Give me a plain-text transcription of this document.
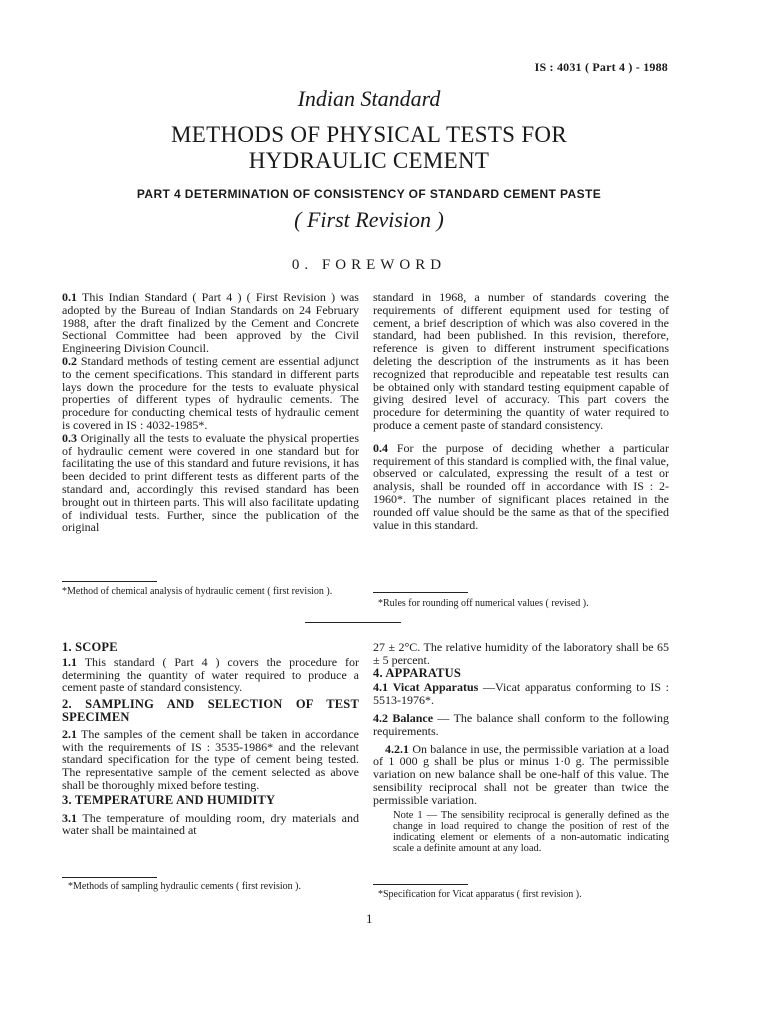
IS : 4031 ( Part 4 ) - 1988
Indian Standard
METHODS OF PHYSICAL TESTS FOR
HYDRAULIC CEMENT
PART 4 DETERMINATION OF CONSISTENCY OF STANDARD CEMENT PASTE
( First Revision )
0. FOREWORD

0.1 This Indian Standard ( Part 4 ) ( First Revision ) was adopted by the Bureau of Indian Standards on 24 February 1988, after the draft finalized by the Cement and Concrete Sectional Committee had been approved by the Civil Engineering Division Council.

0.2 Standard methods of testing cement are essential adjunct to the cement specifications. This standard in different parts lays down the procedure for the tests to evaluate physical properties of different types of hydraulic cements. The procedure for conducting chemical tests of hydraulic cement is covered in IS : 4032-1985*.

0.3 Originally all the tests to evaluate the physical properties of hydraulic cement were covered in one standard but for facilitating the use of this standard and future revisions, it has been decided to print different tests as different parts of the standard and, accordingly this revised standard has been brought out in thirteen parts. This will also facilitate updating of individual tests. Further, since the publication of the original

*Method of chemical analysis of hydraulic cement ( first revision ).

standard in 1968, a number of standards covering the requirements of different equipment used for testing of cement, a brief description of which was also covered in the standard, had been published. In this revision, therefore, reference is given to different instrument specifications deleting the description of the instruments as it has been recognized that reproducible and repeatable test results can be obtained only with standard testing equipment capable of giving desired level of accuracy. This part covers the procedure for determining the quantity of water required to produce a cement paste of standard consistency.

0.4 For the purpose of deciding whether a particular requirement of this standard is complied with, the final value, observed or calculated, expressing the result of a test or analysis, shall be rounded off in accordance with IS : 2-1960*. The number of significant places retained in the rounded off value should be the same as that of the specified value in this standard.

*Rules for rounding off numerical values ( revised ).

1. SCOPE

1.1 This standard ( Part 4 ) covers the procedure for determining the quantity of water required to produce a cement paste of standard consistency.

2. SAMPLING AND SELECTION OF TEST SPECIMEN

2.1 The samples of the cement shall be taken in accordance with the requirements of IS : 3535-1986* and the relevant standard specification for the type of cement being tested. The representative sample of the cement selected as above shall be thoroughly mixed before testing.

3. TEMPERATURE AND HUMIDITY

3.1 The temperature of moulding room, dry materials and water shall be maintained at

*Methods of sampling hydraulic cements ( first revision ).

27 ± 2°C. The relative humidity of the laboratory shall be 65 ± 5 percent.

4. APPARATUS

4.1 Vicat Apparatus —Vicat apparatus conforming to IS : 5513-1976*.

4.2 Balance — The balance shall conform to the following requirements.

4.2.1 On balance in use, the permissible variation at a load of 1 000 g shall be plus or minus 1·0 g. The permissible variation on new balance shall be one-half of this value. The sensibility reciprocal shall not be greater than twice the permissible variation.

Note 1 — The sensibility reciprocal is generally defined as the change in load required to change the position of rest of the indicating element or elements of a non-automatic indicating scale a definite amount at any load.

*Specification for Vicat apparatus ( first revision ).
1
